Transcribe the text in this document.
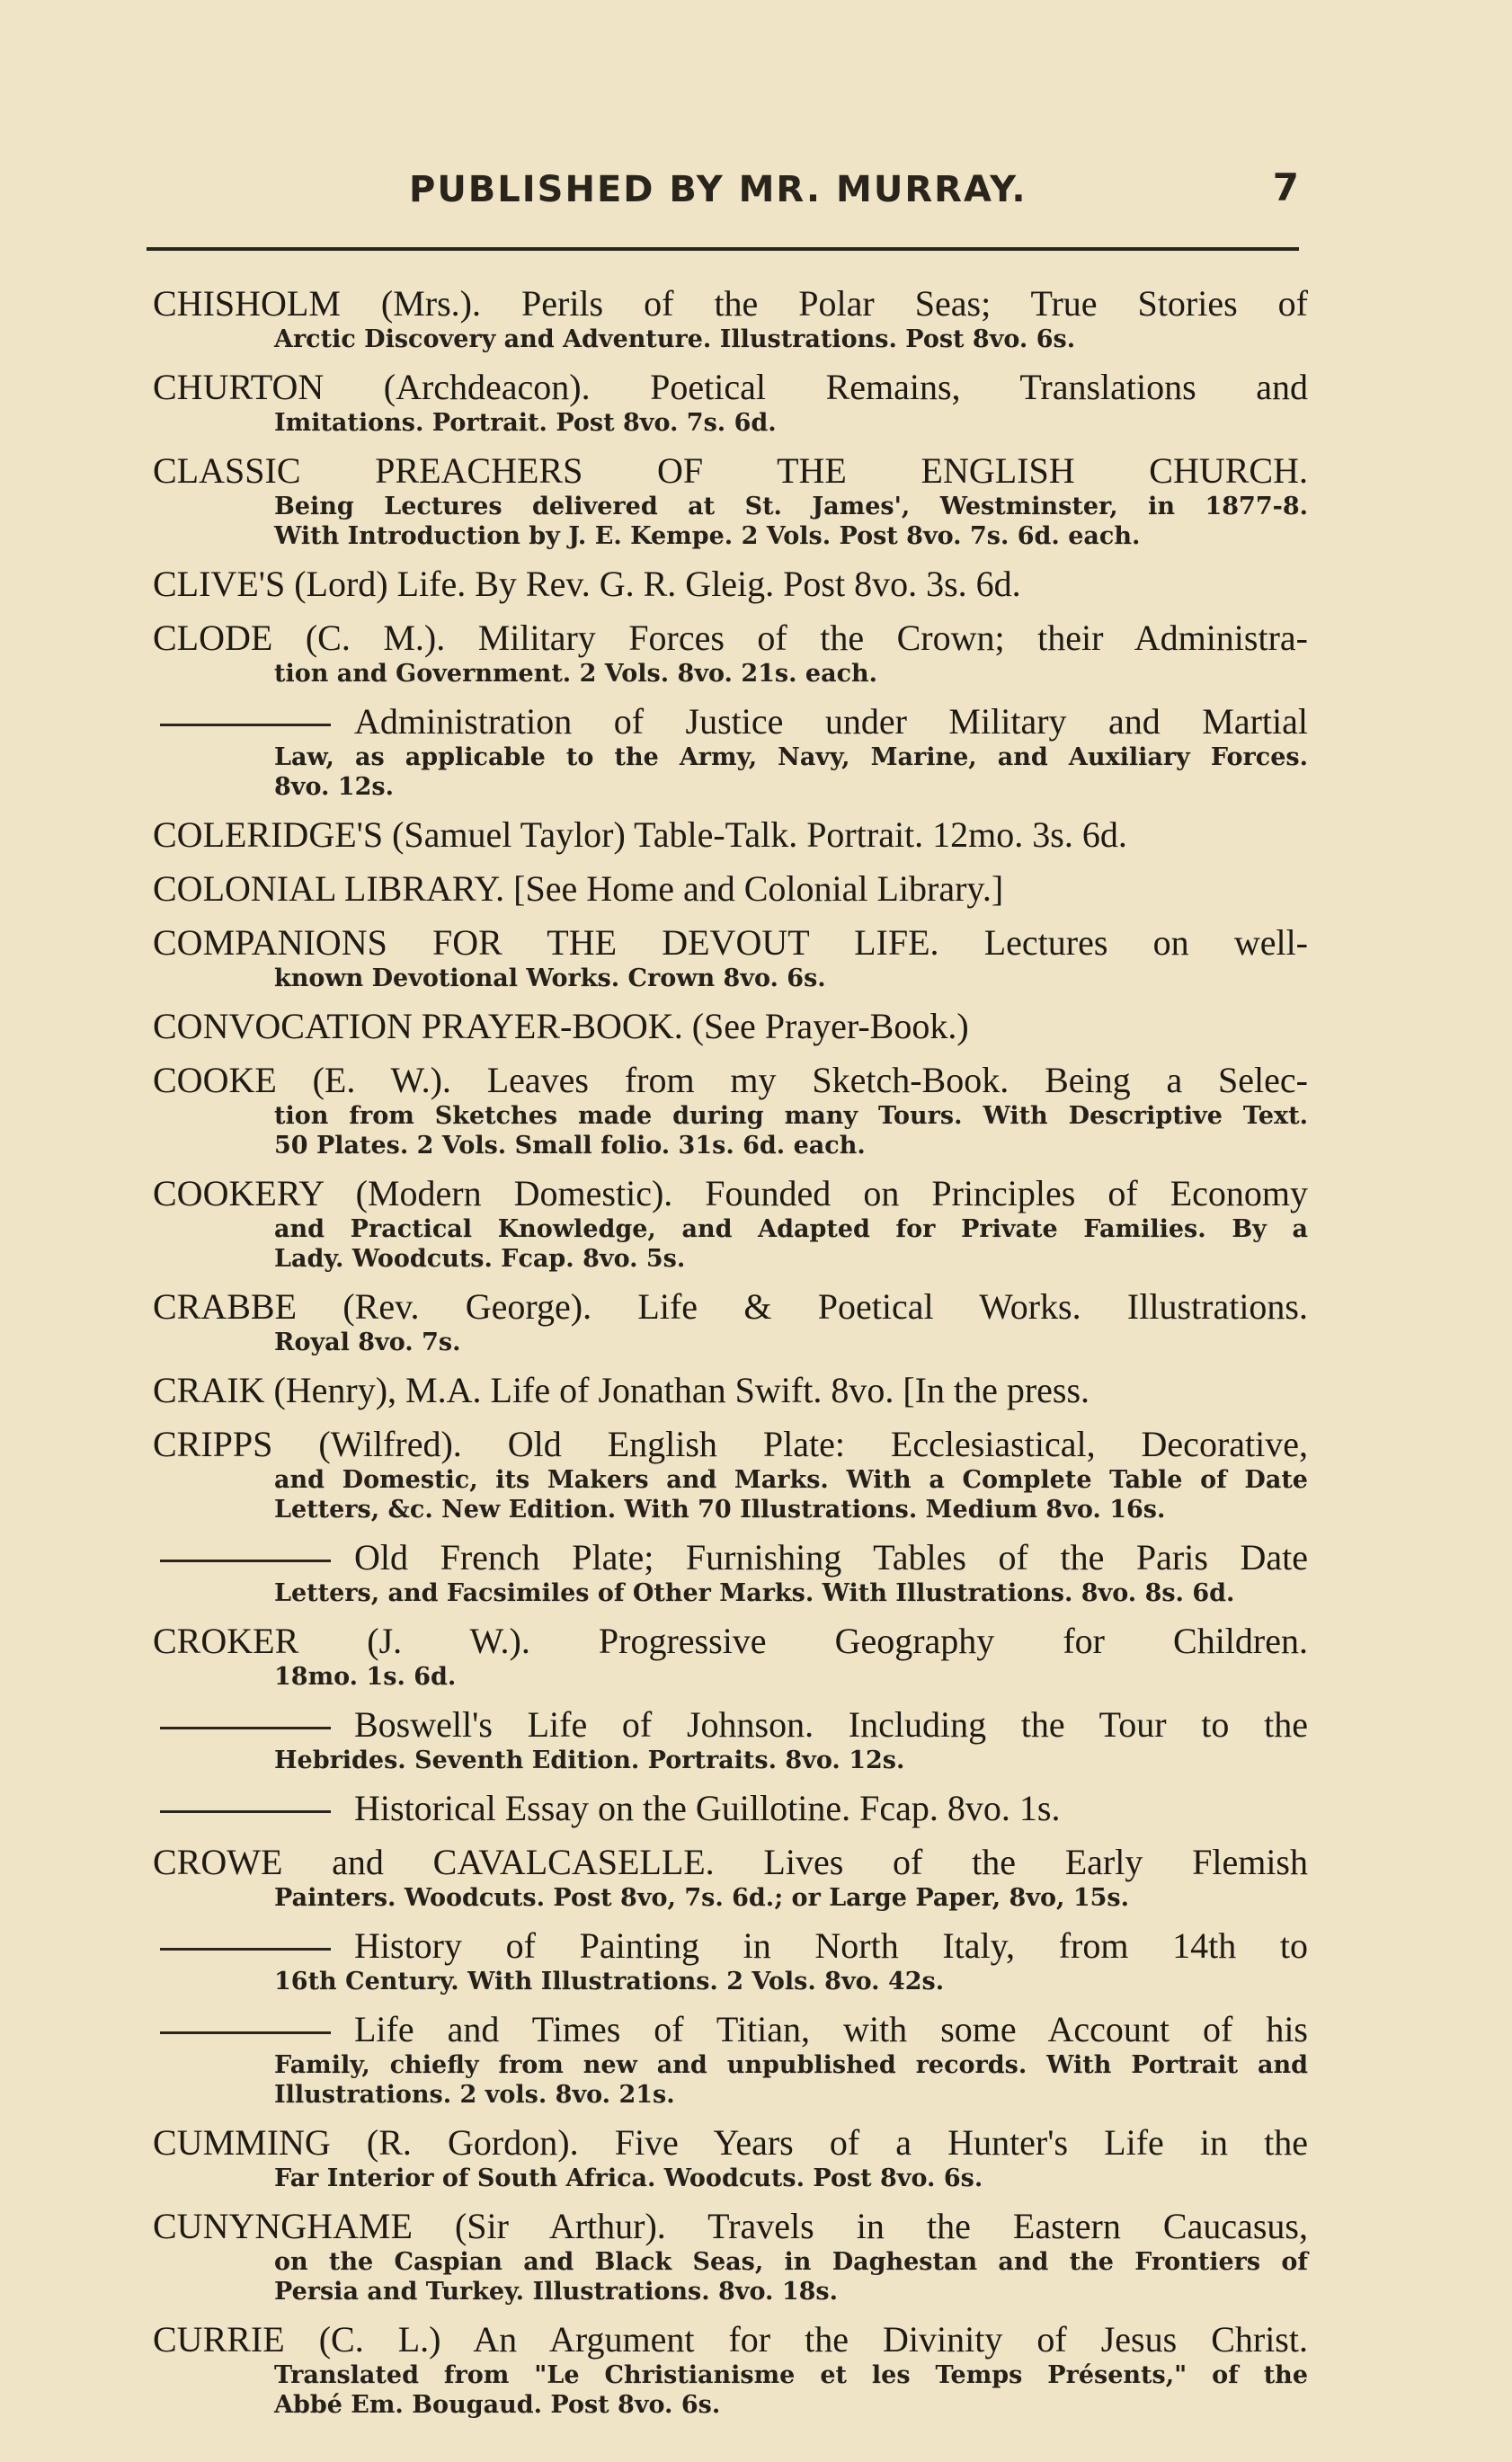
PUBLISHED BY MR. MURRAY.	7
CHISHOLM (Mrs.). Perils of the Polar Seas; True Stories of
Arctic Discovery and Adventure. Illustrations. Post 8vo. 6s.
CHURTON (Archdeacon). Poetical Remains, Translations and
Imitations. Portrait. Post 8vo. 7s. 6d.
CLASSIC PREACHERS OF THE ENGLISH CHURCH.
Being Lectures delivered at St. James', Westminster, in 1877-8.
With Introduction by J. E. Kempe. 2 Vols. Post 8vo. 7s. 6d. each.
CLIVE'S (Lord) Life. By Rev. G. R. Gleig. Post 8vo. 3s. 6d.
CLODE (C. M.). Military Forces of the Crown; their Administra-
tion and Government. 2 Vols. 8vo. 21s. each.
Administration of Justice under Military and Martial
Law, as applicable to the Army, Navy, Marine, and Auxiliary Forces.
8vo. 12s.
COLERIDGE'S (Samuel Taylor) Table-Talk. Portrait. 12mo. 3s. 6d.
COLONIAL LIBRARY. [See Home and Colonial Library.]
COMPANIONS FOR THE DEVOUT LIFE. Lectures on well-
known Devotional Works. Crown 8vo. 6s.
CONVOCATION PRAYER-BOOK. (See Prayer-Book.)
COOKE (E. W.). Leaves from my Sketch-Book. Being a Selec-
tion from Sketches made during many Tours. With Descriptive Text.
50 Plates. 2 Vols. Small folio. 31s. 6d. each.
COOKERY (Modern Domestic). Founded on Principles of Economy
and Practical Knowledge, and Adapted for Private Families. By a
Lady. Woodcuts. Fcap. 8vo. 5s.
CRABBE (Rev. George). Life & Poetical Works. Illustrations.
Royal 8vo. 7s.
CRAIK (Henry), M.A. Life of Jonathan Swift. 8vo. [In the press.
CRIPPS (Wilfred). Old English Plate: Ecclesiastical, Decorative,
and Domestic, its Makers and Marks. With a Complete Table of Date
Letters, &c. New Edition. With 70 Illustrations. Medium 8vo. 16s.
Old French Plate; Furnishing Tables of the Paris Date
Letters, and Facsimiles of Other Marks. With Illustrations. 8vo. 8s. 6d.
CROKER (J. W.). Progressive Geography for Children.
18mo. 1s. 6d.
Boswell's Life of Johnson. Including the Tour to the
Hebrides. Seventh Edition. Portraits. 8vo. 12s.
Historical Essay on the Guillotine. Fcap. 8vo. 1s.
CROWE and CAVALCASELLE. Lives of the Early Flemish
Painters. Woodcuts. Post 8vo, 7s. 6d.; or Large Paper, 8vo, 15s.
History of Painting in North Italy, from 14th to
16th Century. With Illustrations. 2 Vols. 8vo. 42s.
Life and Times of Titian, with some Account of his
Family, chiefly from new and unpublished records. With Portrait and
Illustrations. 2 vols. 8vo. 21s.
CUMMING (R. Gordon). Five Years of a Hunter's Life in the
Far Interior of South Africa. Woodcuts. Post 8vo. 6s.
CUNYNGHAME (Sir Arthur). Travels in the Eastern Caucasus,
on the Caspian and Black Seas, in Daghestan and the Frontiers of
Persia and Turkey. Illustrations. 8vo. 18s.
CURRIE (C. L.) An Argument for the Divinity of Jesus Christ.
Translated from "Le Christianisme et les Temps Présents," of the
Abbé Em. Bougaud. Post 8vo. 6s.
